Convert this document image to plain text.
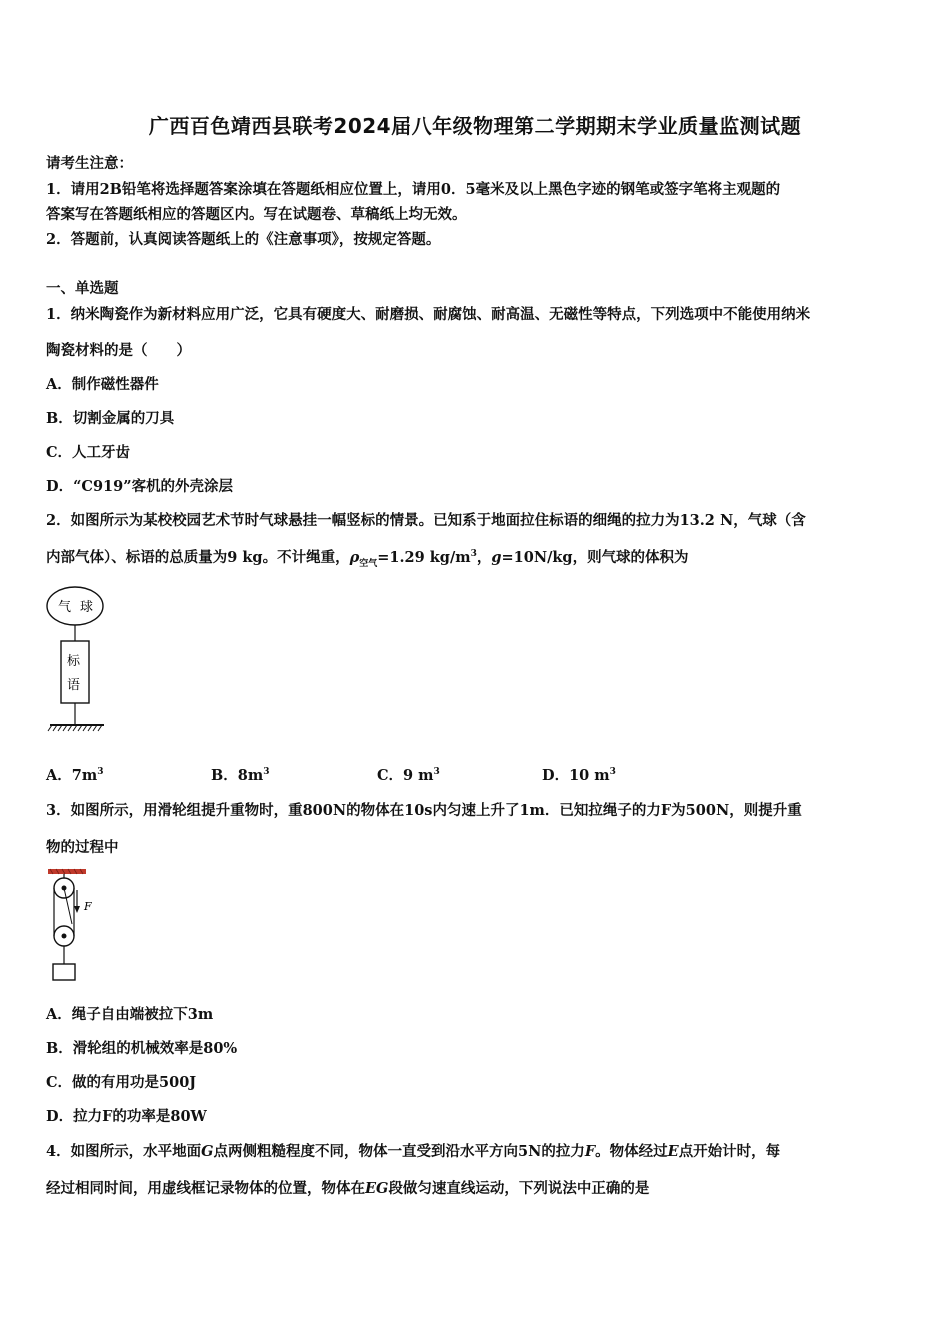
广西百色靖西县联考2024届八年级物理第二学期期末学业质量监测试题
请考生注意：
1．请用2B铅笔将选择题答案涂填在答题纸相应位置上，请用0．5毫米及以上黑色字迹的钢笔或签字笔将主观题的
答案写在答题纸相应的答题区内。写在试题卷、草稿纸上均无效。
2．答题前，认真阅读答题纸上的《注意事项》，按规定答题。
一、单选题
1．纳米陶瓷作为新材料应用广泛，它具有硬度大、耐磨损、耐腐蚀、耐高温、无磁性等特点，下列选项中不能使用纳米
陶瓷材料的是（　　）
A．制作磁性器件
B．切割金属的刀具
C．人工牙齿
D．“C919”客机的外壳涂层
2．如图所示为某校校园艺术节时气球悬挂一幅竖标的情景。已知系于地面拉住标语的细绳的拉力为13.2 N，气球（含
内部气体）、标语的总质量为9 kg。不计绳重，$\rho_{空气}=1.29$ $kg/m^3$，g=10N/kg，则气球的体积为
气 球
标
语
A．$7m^3$	B．$8m^3$	C．9 $m^3$	D．10 $m^3$
3．如图所示，用滑轮组提升重物时，重800N的物体在10s内匀速上升了1m．已知拉绳子的力F为500N，则提升重
物的过程中
F
A．绳子自由端被拉下3m
B．滑轮组的机械效率是80%
C．做的有用功是500J
D．拉力F的功率是80W
4．如图所示，水平地面G点两侧粗糙程度不同，物体一直受到沿水平方向5N的拉力F。物体经过E点开始计时，每
经过相同时间，用虚线框记录物体的位置，物体在EG段做匀速直线运动，下列说法中正确的是
